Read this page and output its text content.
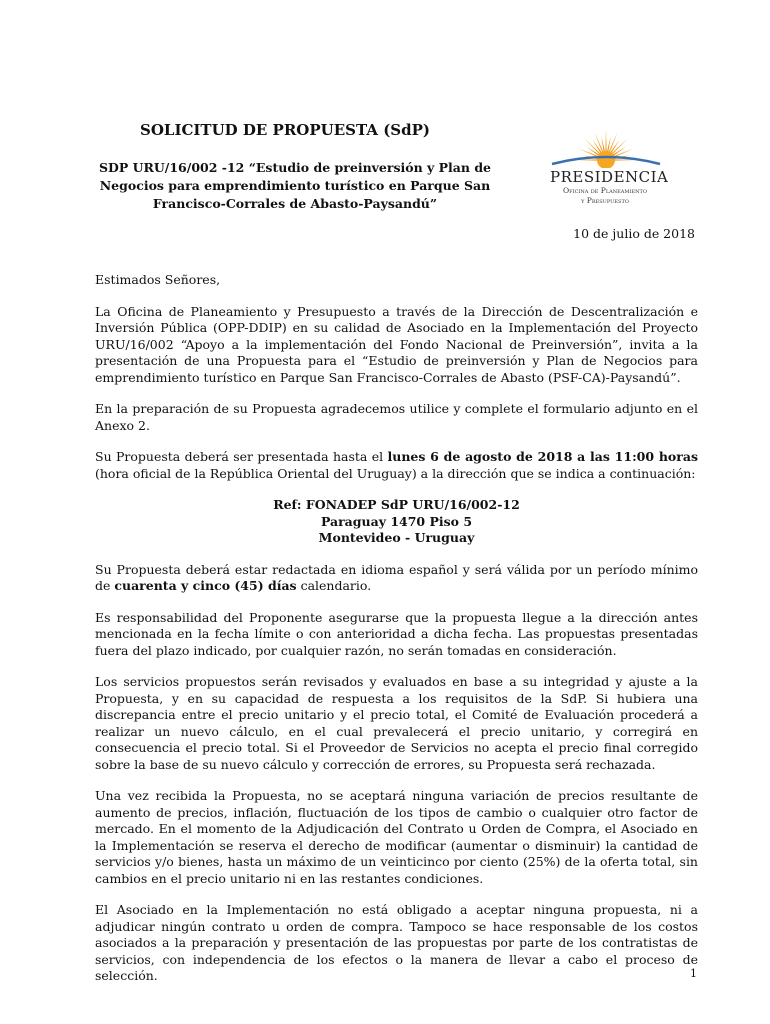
SOLICITUD DE PROPUESTA (SdP)
SDP URU/16/002 -12 “Estudio de preinversión y Plan de
Negocios para emprendimiento turístico en Parque San
Francisco-Corrales de Abasto-Paysandú”
PRESIDENCIA
Oficina de Planeamiento
y Presupuesto
10 de julio de 2018

Estimados Señores,

La Oficina de Planeamiento y Presupuesto a través de la Dirección de Descentralización e Inversión Pública (OPP-DDIP) en su calidad de Asociado en la Implementación del Proyecto URU/16/002 “Apoyo a la implementación del Fondo Nacional de Preinversión”, invita a la presentación de una Propuesta para el “Estudio de preinversión y Plan de Negocios para emprendimiento turístico en Parque San Francisco-Corrales de Abasto (PSF-CA)-Paysandú”.

En la preparación de su Propuesta agradecemos utilice y complete el formulario adjunto en el Anexo 2.

Su Propuesta deberá ser presentada hasta el lunes 6 de agosto de 2018 a las 11:00 horas (hora oficial de la República Oriental del Uruguay) a la dirección que se indica a continuación:

Ref: FONADEP SdP URU/16/002-12
Paraguay 1470 Piso 5
Montevideo - Uruguay

Su Propuesta deberá estar redactada en idioma español y será válida por un período mínimo de cuarenta y cinco (45) días calendario.

Es responsabilidad del Proponente asegurarse que la propuesta llegue a la dirección antes mencionada en la fecha límite o con anterioridad a dicha fecha. Las propuestas presentadas fuera del plazo indicado, por cualquier razón, no serán tomadas en consideración.

Los servicios propuestos serán revisados y evaluados en base a su integridad y ajuste a la Propuesta, y en su capacidad de respuesta a los requisitos de la SdP. Si hubiera una discrepancia entre el precio unitario y el precio total, el Comité de Evaluación procederá a realizar un nuevo cálculo, en el cual prevalecerá el precio unitario, y corregirá en consecuencia el precio total. Si el Proveedor de Servicios no acepta el precio final corregido sobre la base de su nuevo cálculo y corrección de errores, su Propuesta será rechazada.

Una vez recibida la Propuesta, no se aceptará ninguna variación de precios resultante de aumento de precios, inflación, fluctuación de los tipos de cambio o cualquier otro factor de mercado. En el momento de la Adjudicación del Contrato u Orden de Compra, el Asociado en la Implementación se reserva el derecho de modificar (aumentar o disminuir) la cantidad de servicios y/o bienes, hasta un máximo de un veinticinco por ciento (25%) de la oferta total, sin cambios en el precio unitario ni en las restantes condiciones.

El Asociado en la Implementación no está obligado a aceptar ninguna propuesta, ni a adjudicar ningún contrato u orden de compra. Tampoco se hace responsable de los costos asociados a la preparación y presentación de las propuestas por parte de los contratistas de servicios, con independencia de los efectos o la manera de llevar a cabo el proceso de selección.	1
